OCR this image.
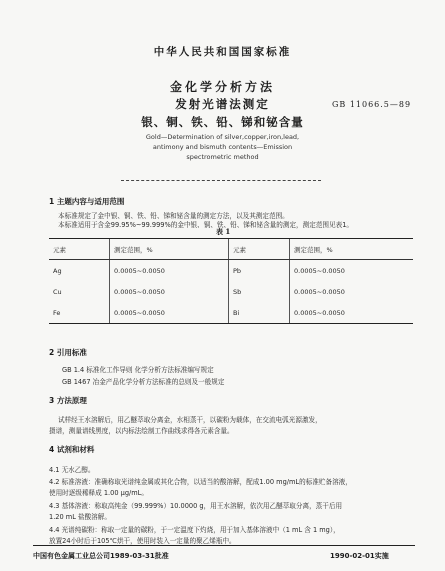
中华人民共和国国家标准
金化学分析方法
发射光谱法测定
银、铜、铁、铅、锑和铋含量
GB 11066.5—89
Gold—Determination of silver,copper,iron,lead,
antimony and bismuth contents—Emission
spectrometric method
1 主题内容与适用范围
本标准规定了金中银、铜、铁、铅、锑和铋含量的测定方法，以及其测定范围。
本标准适用于含金99.95%~99.999%的金中银、铜、铁、铅、锑和铋含量的测定，测定范围见表1。
表 1
元素	测定范围，%	元素	测定范围，%
Ag	0.0005~0.0050	Pb	0.0005~0.0050
Cu	0.0005~0.0050	Sb	0.0005~0.0050
Fe	0.0005~0.0050	Bi	0.0005~0.0050
2 引用标准
GB 1.4 标准化工作导则 化学分析方法标准编写规定
GB 1467 冶金产品化学分析方法标准的总则及一般规定
3 方法原理
试样经王水溶解后，用乙醚萃取分离金，水相蒸干，以碳粉为载体，在交流电弧光源激发，
摄谱，测量谱线黑度，以内标法绘制工作曲线求得各元素含量。
4 试剂和材料
4.1 无水乙醇。
4.2 标准溶液：准确称取光谱纯金属或其化合物，以适当的酸溶解，配成1.00 mg/mL的标准贮备溶液，
使用时逐级稀释成 1.00 µg/mL。
4.3 基体溶液：称取高纯金（99.999%）10.0000 g，用王水溶解，依次用乙醚萃取分离，蒸干后用
1.20 mL 盐酸溶解。
4.4 光谱纯碳粉：称取一定量的碳粉，于一定温度下灼烧，用于加入基体溶液中（1 mL 含 1 mg），
放置24小时后于105℃烘干，使用时装入一定量的聚乙烯瓶中。
中国有色金属工业总公司1989-03-31批准	1990-02-01实施
